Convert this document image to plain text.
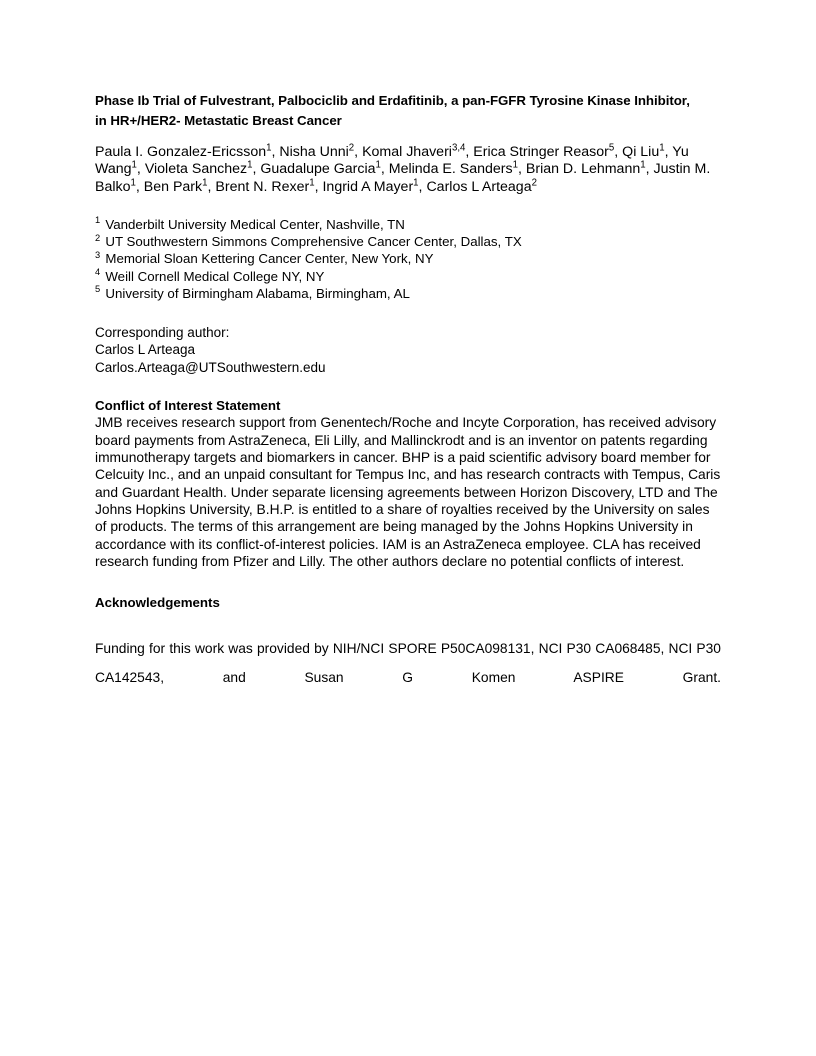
Phase Ib Trial of Fulvestrant, Palbociclib and Erdafitinib, a pan-FGFR Tyrosine Kinase Inhibitor, in HR+/HER2- Metastatic Breast Cancer

Paula I. Gonzalez-Ericsson$^1$, Nisha Unni$^2$, Komal Jhaveri$^{3,4}$, Erica Stringer Reasor$^5$, Qi Liu$^1$, Yu Wang$^1$, Violeta Sanchez$^1$, Guadalupe Garcia$^1$, Melinda E. Sanders$^1$, Brian D. Lehmann$^1$, Justin M. Balko$^1$, Ben Park$^1$, Brent N. Rexer$^1$, Ingrid A Mayer$^1$, Carlos L Arteaga$^2$

$^1$ Vanderbilt University Medical Center, Nashville, TN
$^2$ UT Southwestern Simmons Comprehensive Cancer Center, Dallas, TX
$^3$ Memorial Sloan Kettering Cancer Center, New York, NY
$^4$ Weill Cornell Medical College NY, NY
$^5$ University of Birmingham Alabama, Birmingham, AL
Corresponding author:
Carlos L Arteaga
Carlos.Arteaga@UTSouthwestern.edu
Conflict of Interest Statement

JMB receives research support from Genentech/Roche and Incyte Corporation, has received advisory board payments from AstraZeneca, Eli Lilly, and Mallinckrodt and is an inventor on patents regarding immunotherapy targets and biomarkers in cancer. BHP is a paid scientific advisory board member for Celcuity Inc., and an unpaid consultant for Tempus Inc, and has research contracts with Tempus, Caris and Guardant Health. Under separate licensing agreements between Horizon Discovery, LTD and The Johns Hopkins University, B.H.P. is entitled to a share of royalties received by the University on sales of products. The terms of this arrangement are being managed by the Johns Hopkins University in accordance with its conflict-of-interest policies. IAM is an AstraZeneca employee. CLA has received research funding from Pfizer and Lilly. The other authors declare no potential conflicts of interest.

Acknowledgements

Funding for this work was provided by NIH/NCI SPORE P50CA098131, NCI P30 CA068485, NCI P30 CA142543, and Susan G Komen ASPIRE Grant.
